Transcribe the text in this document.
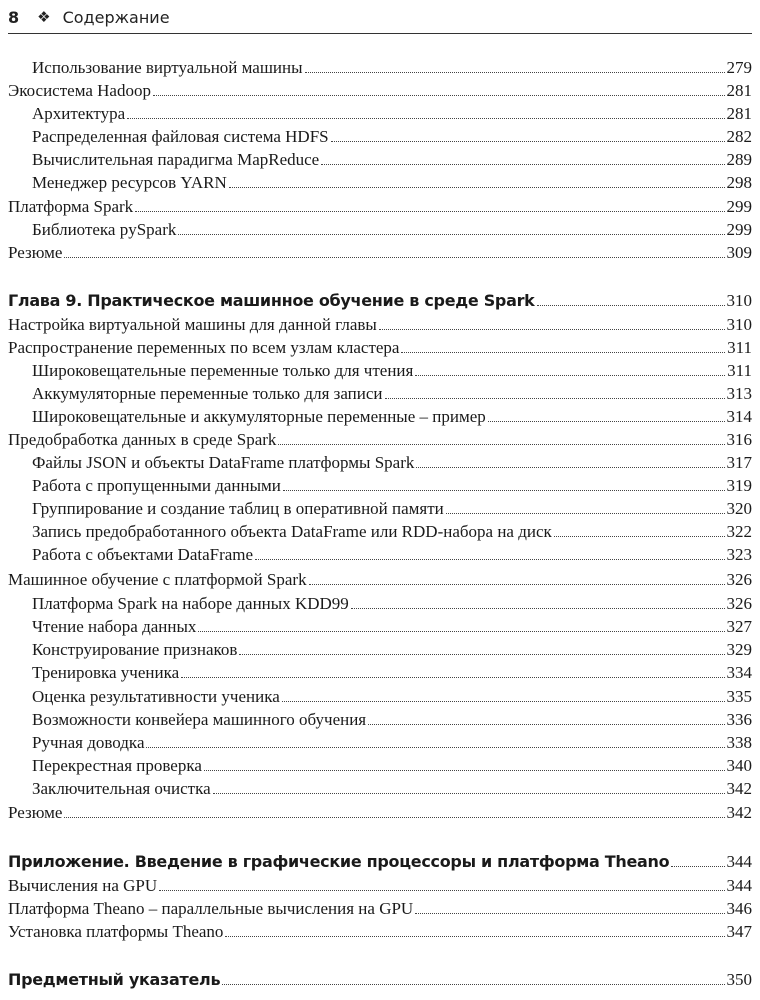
8 ❖ Содержание
Использование виртуальной машины	279
Экосистема Hadoop	281
Архитектура	281
Распределенная файловая система HDFS	282
Вычислительная парадигма MapReduce	289
Менеджер ресурсов YARN	298
Платформа Spark	299
Библиотека pySpark	299
Резюме	309
Глава 9. Практическое машинное обучение в среде Spark	310
Настройка виртуальной машины для данной главы	310
Распространение переменных по всем узлам кластера	311
Широковещательные переменные только для чтения	311
Аккумуляторные переменные только для записи	313
Широковещательные и аккумуляторные переменные – пример	314
Предобработка данных в среде Spark	316
Файлы JSON и объекты DataFrame платформы Spark	317
Работа с пропущенными данными	319
Группирование и создание таблиц в оперативной памяти	320
Запись предобработанного объекта DataFrame или RDD-набора на диск	322
Работа с объектами DataFrame	323
Машинное обучение с платформой Spark	326
Платформа Spark на наборе данных KDD99	326
Чтение набора данных	327
Конструирование признаков	329
Тренировка ученика	334
Оценка результативности ученика	335
Возможности конвейера машинного обучения	336
Ручная доводка	338
Перекрестная проверка	340
Заключительная очистка	342
Резюме	342
Приложение. Введение в графические процессоры и платформа Theano	344
Вычисления на GPU	344
Платформа Theano – параллельные вычисления на GPU	346
Установка платформы Theano	347
Предметный указатель	350
